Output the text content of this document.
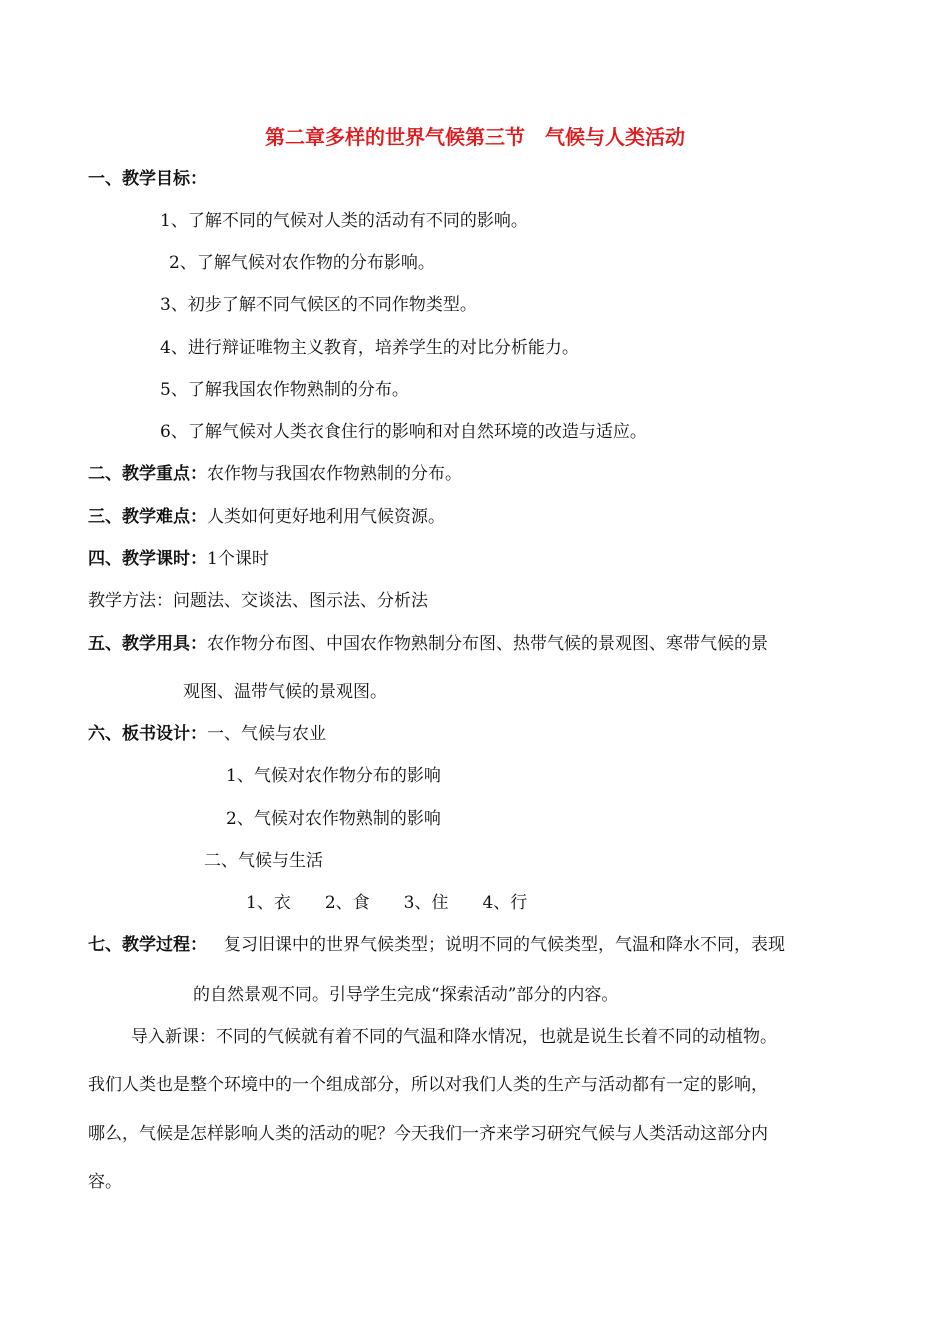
第二章多样的世界气候第三节　气候与人类活动
一、教学目标：
1、了解不同的气候对人类的活动有不同的影响。
2、了解气候对农作物的分布影响。
3、初步了解不同气候区的不同作物类型。
4、进行辩证唯物主义教育，培养学生的对比分析能力。
5、了解我国农作物熟制的分布。
6、了解气候对人类衣食住行的影响和对自然环境的改造与适应。
二、教学重点：农作物与我国农作物熟制的分布。
三、教学难点：人类如何更好地利用气候资源。
四、教学课时：1个课时
教学方法：问题法、交谈法、图示法、分析法
五、教学用具：农作物分布图、中国农作物熟制分布图、热带气候的景观图、寒带气候的景
观图、温带气候的景观图。
六、板书设计：一、气候与农业
1、气候对农作物分布的影响
2、气候对农作物熟制的影响
二、气候与生活
1、衣　　2、食　　3、住　　4、行
七、教学过程： 复习旧课中的世界气候类型；说明不同的气候类型，气温和降水不同，表现
的自然景观不同。引导学生完成“探索活动”部分的内容。
导入新课：不同的气候就有着不同的气温和降水情况，也就是说生长着不同的动植物。
我们人类也是整个环境中的一个组成部分，所以对我们人类的生产与活动都有一定的影响，
哪么，气候是怎样影响人类的活动的呢？今天我们一齐来学习研究气候与人类活动这部分内
容。
